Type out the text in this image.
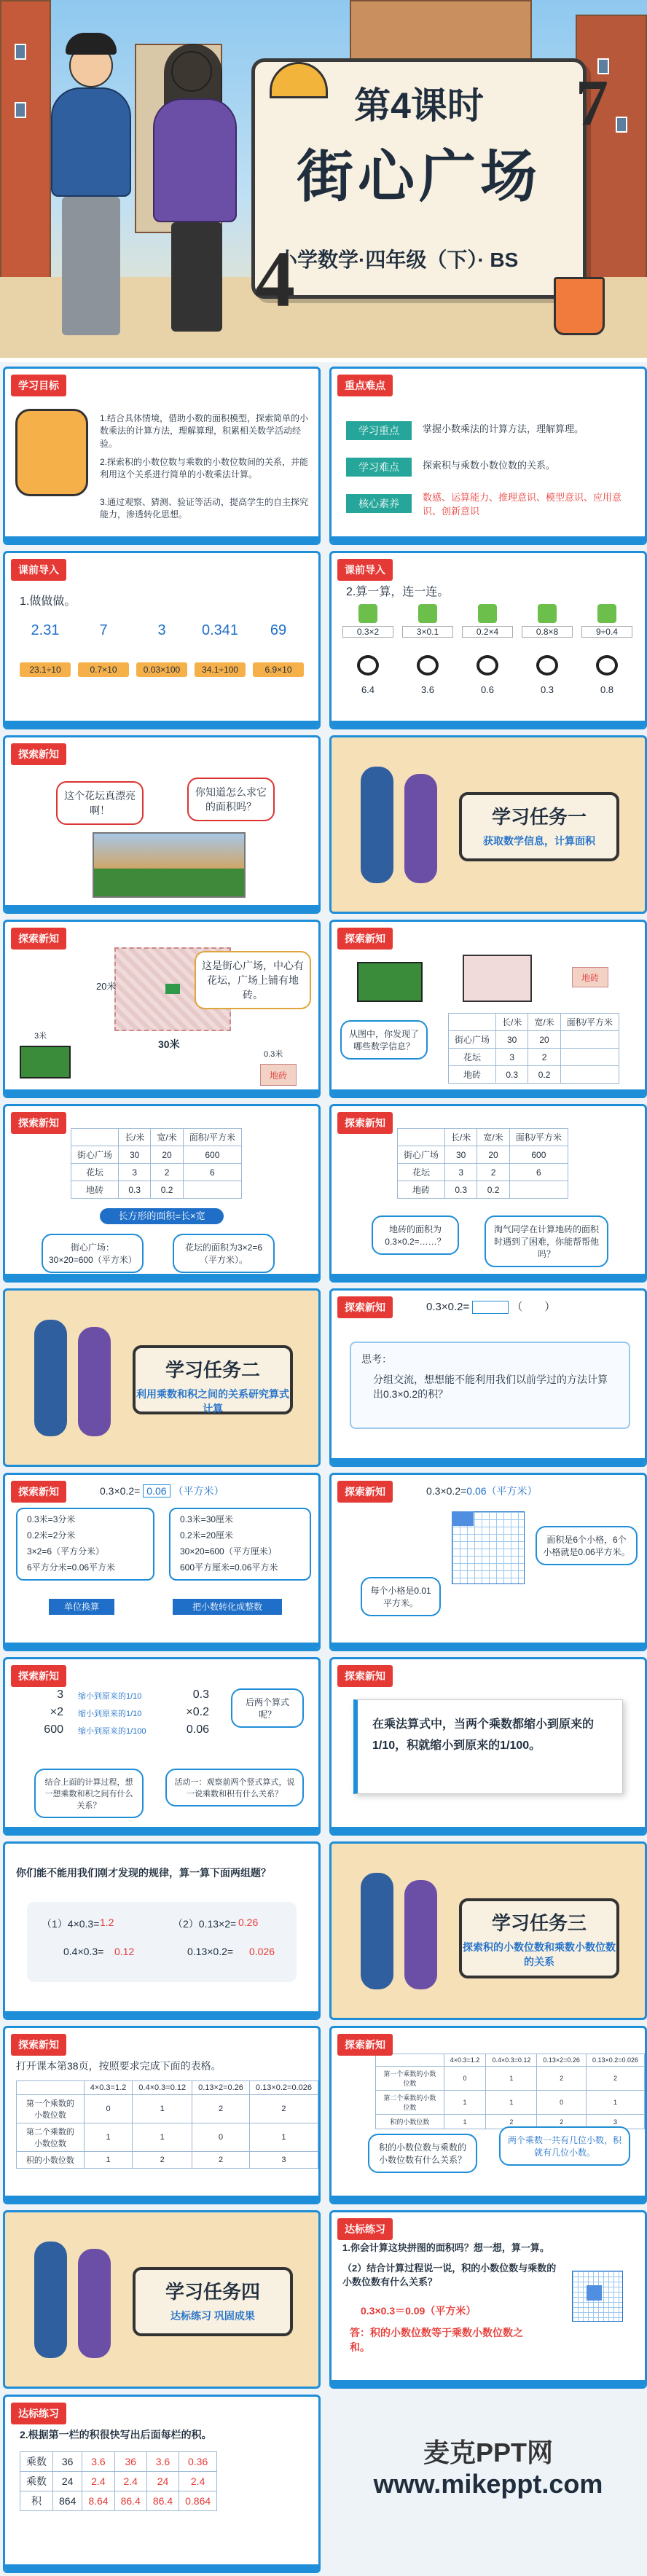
第4课时
街心广场
小学数学·四年级（下）· BS
4
7
学习目标
1.结合具体情境，借助小数的面积模型，探索简单的小数乘法的计算方法，理解算理，积累相关数学活动经验。
2.探索积的小数位数与乘数的小数位数间的关系，并能利用这个关系进行简单的小数乘法计算。
3.通过观察、猜测、验证等活动，提高学生的自主探究能力，渗透转化思想。
重点难点
学习重点	掌握小数乘法的计算方法，理解算理。
学习难点	探索积与乘数小数位数的关系。
核心素养
数感、运算能力、推理意识、模型意识、应用意识、创新意识
课前导入
1.做做做。
2.31
23.1÷10
7
0.7×10
3
0.03×100
0.341
34.1÷100
69
6.9×10
课前导入
2.算一算，连一连。
0.3×2
6.4
3×0.1
3.6
0.2×4
0.6
0.8×8
0.3
9÷0.4
0.8
探索新知
这个花坛真漂亮啊！
你知道怎么求它的面积吗？	学习任务一
获取数学信息，计算面积
探索新知
20米
30米
这是街心广场，中心有花坛，广场上铺有地砖。
3米
地砖
0.3米
探索新知
地砖
从图中，你发现了哪些数学信息？
	长/米	宽/米	面积/平方米
街心广场	30	20	
花坛	3	2	
地砖	0.3	0.2	
探索新知
	长/米	宽/米	面积/平方米
街心广场	30	20	600
花坛	3	2	6
地砖	0.3	0.2	
长方形的面积=长×宽
街心广场：30×20=600（平方米）
花坛的面积为3×2=6（平方米）。
探索新知
	长/米	宽/米	面积/平方米
街心广场	30	20	600
花坛	3	2	6
地砖	0.3	0.2	
地砖的面积为0.3×0.2=……？
淘气同学在计算地砖的面积时遇到了困难，你能帮帮他吗？
学习任务二
利用乘数和积之间的关系研究算式计算
探索新知	0.3×0.2=	（　　）
思考：
分组交流，想想能不能利用我们以前学过的方法计算出0.3×0.2的积？
探索新知	0.3×0.2= 0.06 （平方米）
0.3米=3分米
0.2米=2分米
3×2=6（平方分米）
6平方分米=0.06平方米
0.3米=30厘米
0.2米=20厘米
30×20=600（平方厘米）
600平方厘米=0.06平方米
单位换算	把小数转化成整数
探索新知	0.3×0.2=0.06（平方米）
每个小格是0.01平方米。
面积是6个小格，6个小格就是0.06平方米。
探索新知
3
×2
600
0.3
×0.2
0.06
缩小到原来的1/10
缩小到原来的1/10
缩小到原来的1/100
后两个算式呢？
结合上面的计算过程，想一想乘数和积之间有什么关系？
活动一：观察前两个竖式算式，说一说乘数和积有什么关系？
探索新知
在乘法算式中，当两个乘数都缩小到原来的1/10，积就缩小到原来的1/100。
你们能不能用我们刚才发现的规律，算一算下面两组题？
（1）4×0.3= 1.2	（2）0.13×2= 0.26
0.4×0.3= 0.12	0.13×0.2= 0.026
学习任务三
探索积的小数位数和乘数小数位数的关系
探索新知
打开课本第38页，按照要求完成下面的表格。
	4×0.3=1.2	0.4×0.3=0.12	0.13×2=0.26	0.13×0.2=0.026
第一个乘数的小数位数	0	1	2	2
第二个乘数的小数位数	1	1	0	1
积的小数位数	1	2	2	3
探索新知
	4×0.3=1.2	0.4×0.3=0.12	0.13×2=0.26	0.13×0.2=0.026
第一个乘数的小数位数	0	1	2	2
第二个乘数的小数位数	1	1	0	1
积的小数位数	1	2	2	3
积的小数位数与乘数的小数位数有什么关系？
两个乘数一共有几位小数，积就有几位小数。
学习任务四
达标练习 巩固成果
达标练习
1.你会计算这块拼图的面积吗？想一想，算一算。
（2）结合计算过程说一说，积的小数位数与乘数的小数位数有什么关系？
0.3×0.3＝0.09（平方米）
答：积的小数位数等于乘数小数位数之和。
达标练习
2.根据第一栏的积很快写出后面每栏的积。
乘数	36	3.6	36	3.6	0.36
乘数	24	2.4	2.4	24	2.4
积	864	8.64	86.4	86.4	0.864
麦克PPT网
www.mikeppt.com
